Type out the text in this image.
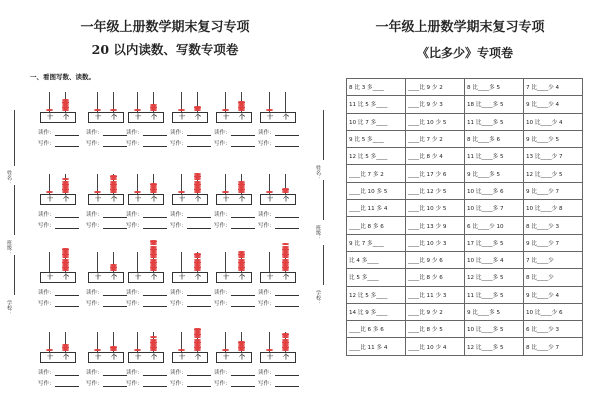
一年级上册数学期末复习专项
20 以内读数、写数专项卷
一、看图写数、读数。
姓名：
班级：
学校：
十 个
读作：
写作：
十 个
读作：
写作：
十 个
读作：
写作：
十 个
读作：
写作：
十 个
读作：
写作：
十 个
读作：
写作：
十 个
读作：
写作：
十 个
读作：
写作：
十 个
读作：
写作：
十 个
读作：
写作：
十 个
读作：
写作：
十 个
读作：
写作：
十 个
读作：
写作：
十 个
读作：
写作：
十 个
读作：
写作：
十 个
读作：
写作：
十 个
读作：
写作：
十 个
读作：
写作：
十 个
读作：
写作：
十 个
读作：
写作：
十 个
读作：
写作：
十 个
读作：
写作：
十 个
读作：
写作：
十 个
读作：
写作：
一年级上册数学期末复习专项
《比多少》专项卷
姓名：
班级：
学校：
8 比 3 多____	____比 9 少 2	8 比____多 5	7 比____少 4
11 比 5 多____	____比 9 少 3	18 比____多 5	9 比____少 4
10 比 7 多____	____比 10 少 5	11 比____多 5	10 比____少 4
9 比 5 多____	____比 7 少 2	8 比____多 6	9 比____少 5
12 比 5 多____	____比 8 少 4	11 比____多 5	13 比____少 7
____比 7 多 2	____比 17 少 6	9 比____多 5	12 比____少 5
____比 10 多 5	____比 12 少 5	10 比____多 6	9 比____少 7
____比 11 多 4	____比 10 少 5	10 比____多 7	10 比____少 8
____比 8 多 6	____比 13 少 9	6 比____少 10	8 比____少 3
9 比 7 多____	____比 10 少 3	17 比____多 5	9 比____少 7
比 4 多____	____比 9 少 6	10 比____多 4	7 比____少
比 5 多____	____比 8 少 6	12 比____多 5	8 比____少
12 比 5 多____	____比 11 少 3	11 比____多 5	9 比____少 4
14 比 9 多____	____比 9 少 2	9 比____多 5	10 比____少 6
____比 6 多 6	____比 8 少 5	10 比____多 5	6 比____少 3
____比 11 多 4	____比 10 少 4	12 比____多 5	8 比____少 7
